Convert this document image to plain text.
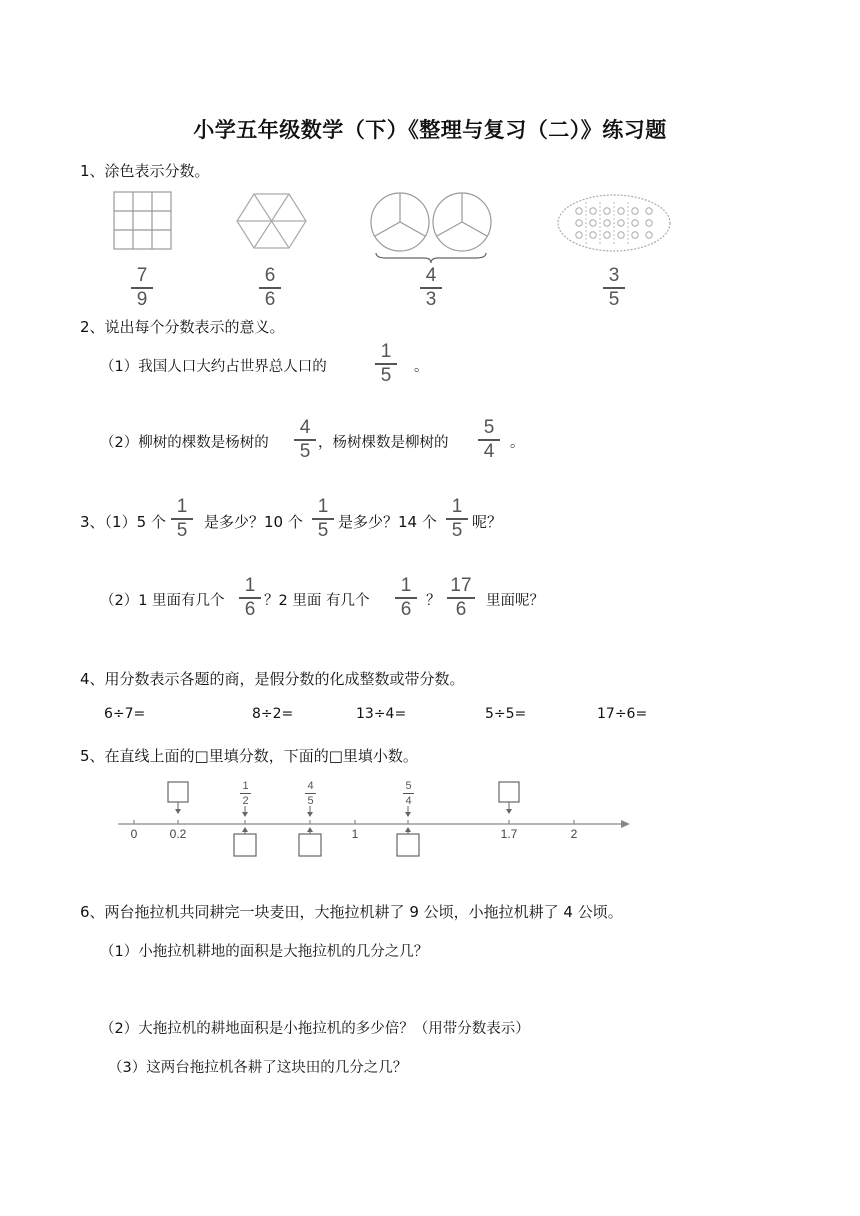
小学五年级数学（下）《整理与复习（二）》练习题
1、涂色表示分数。
7
9
6
6
4
3
3
5
2、说出每个分数表示的意义。
（1）我国人口大约占世界总人口的
1
5 。
（2）柳树的棵数是杨树的
4
5 ，杨树棵数是柳树的
5
4 。
3、（1）5 个
1
5 是多少？10 个
1
5 是多少？14 个
1
5 呢？
（2）1 里面有几个
1
6 ？2 里面 有几个
1
6 ？
17
6 里面呢？
4、用分数表示各题的商，是假分数的化成整数或带分数。
6÷7=	8÷2=	13÷4=	5÷5=	17÷6=
5、在直线上面的□里填分数，下面的□里填小数。
0	0.2	1	1.7	2
1
2
4
5
5
4
6、两台拖拉机共同耕完一块麦田，大拖拉机耕了 9 公顷，小拖拉机耕了 4 公顷。
（1）小拖拉机耕地的面积是大拖拉机的几分之几？
（2）大拖拉机的耕地面积是小拖拉机的多少倍？（用带分数表示）
（3）这两台拖拉机各耕了这块田的几分之几？
